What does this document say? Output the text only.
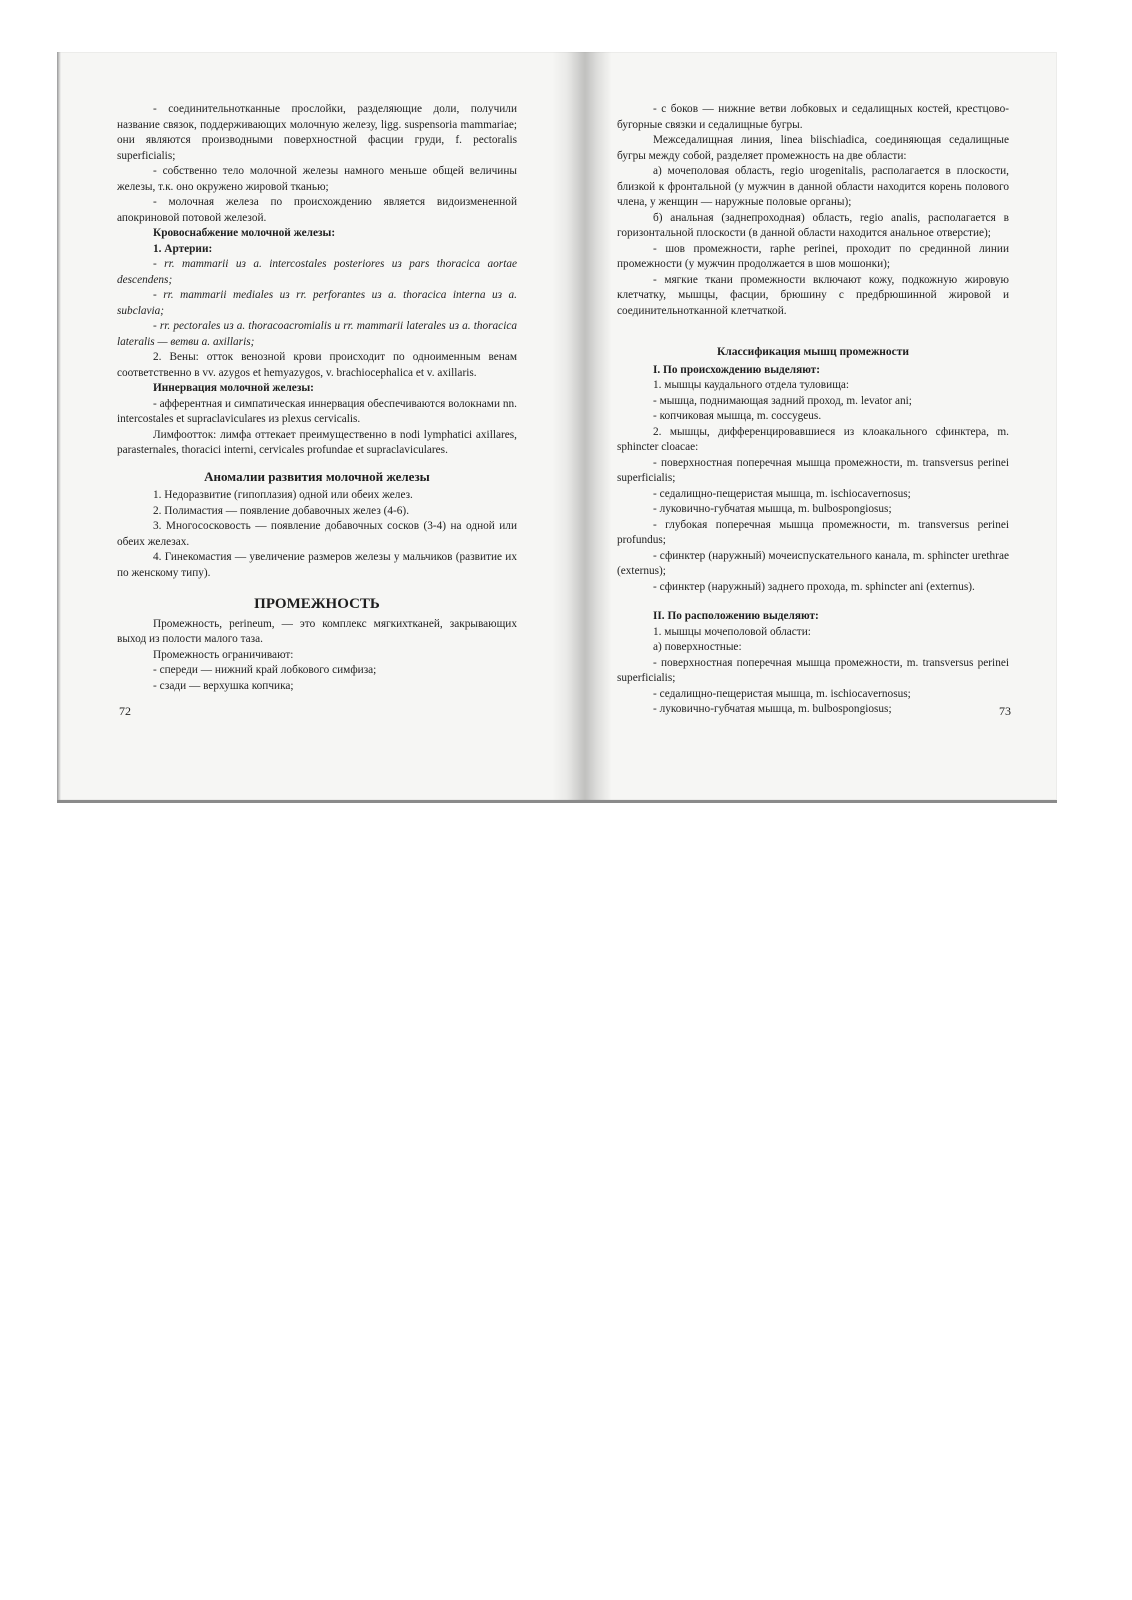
- соединительнотканные прослойки, разделяющие доли, получили название связок, поддерживающих молочную железу, ligg. suspensoria mammariae; они являются производными поверхностной фасции груди, f. pectoralis superficialis;

- собственно тело молочной железы намного меньше общей величины железы, т.к. оно окружено жировой тканью;

- молочная железа по происхождению является видоизмененной апокриновой потовой железой.

Кровоснабжение молочной железы:

1. Артерии:

- rr. mammarii из a. intercostales posteriores из pars thoracica aortae descendens;

- rr. mammarii mediales из rr. perforantes из a. thoracica interna из a. subclavia;

- rr. pectorales из a. thoracoacromialis и rr. mammarii laterales из a. thoracica lateralis — ветви a. axillaris;

2. Вены: отток венозной крови происходит по одноименным венам соответственно в vv. azygos et hemyazygos, v. brachiocephalica et v. axillaris.

Иннервация молочной железы:

- афферентная и симпатическая иннервация обеспечиваются волокнами nn. intercostales et supraclaviculares из plexus cervicalis.

Лимфоотток: лимфа оттекает преимущественно в nodi lymphatici axillares, parasternales, thoracici interni, cervicales profundae et supraclaviculares.

Аномалии развития молочной железы

1. Недоразвитие (гипоплазия) одной или обеих желез.

2. Полимастия — появление добавочных желез (4-6).

3. Многососковость — появление добавочных сосков (3-4) на одной или обеих железах.

4. Гинекомастия — увеличение размеров железы у мальчиков (развитие их по женскому типу).

ПРОМЕЖНОСТЬ

Промежность, perineum, — это комплекс мягкихтканей, закрывающих выход из полости малого таза.

Промежность ограничивают:

- спереди — нижний край лобкового симфиза;

- сзади — верхушка копчика;

72

- с боков — нижние ветви лобковых и седалищных костей, крестцово-бугорные связки и седалищные бугры.

Межседалищная линия, linea biischiadica, соединяющая седалищные бугры между собой, разделяет промежность на две области:

а) мочеполовая область, regio urogenitalis, располагается в плоскости, близкой к фронтальной (у мужчин в данной области находится корень полового члена, у женщин — наружные половые органы);

б) анальная (заднепроходная) область, regio analis, располагается в горизонтальной плоскости (в данной области находится анальное отверстие);

- шов промежности, raphe perinei, проходит по срединной линии промежности (у мужчин продолжается в шов мошонки);

- мягкие ткани промежности включают кожу, подкожную жировую клетчатку, мышцы, фасции, брюшину с предбрюшинной жировой и соединительнотканной клетчаткой.

Классификация мышц промежности

I. По происхождению выделяют:

1. мышцы каудального отдела туловища:

- мышца, поднимающая задний проход, m. levator ani;

- копчиковая мышца, m. coccygeus.

2. мышцы, дифференцировавшиеся из клоакального сфинктера, m. sphincter cloacae:

- поверхностная поперечная мышца промежности, m. transversus perinei superficialis;

- седалищно-пещеристая мышца, m. ischiocavernosus;

- луковично-губчатая мышца, m. bulbospongiosus;

- глубокая поперечная мышца промежности, m. transversus perinei profundus;

- сфинктер (наружный) мочеиспускательного канала, m. sphincter urethrae (externus);

- сфинктер (наружный) заднего прохода, m. sphincter ani (externus).

II. По расположению выделяют:

1. мышцы мочеполовой области:

а) поверхностные:

- поверхностная поперечная мышца промежности, m. transversus perinei superficialis;

- седалищно-пещеристая мышца, m. ischiocavernosus;

- луковично-губчатая мышца, m. bulbospongiosus;	73
